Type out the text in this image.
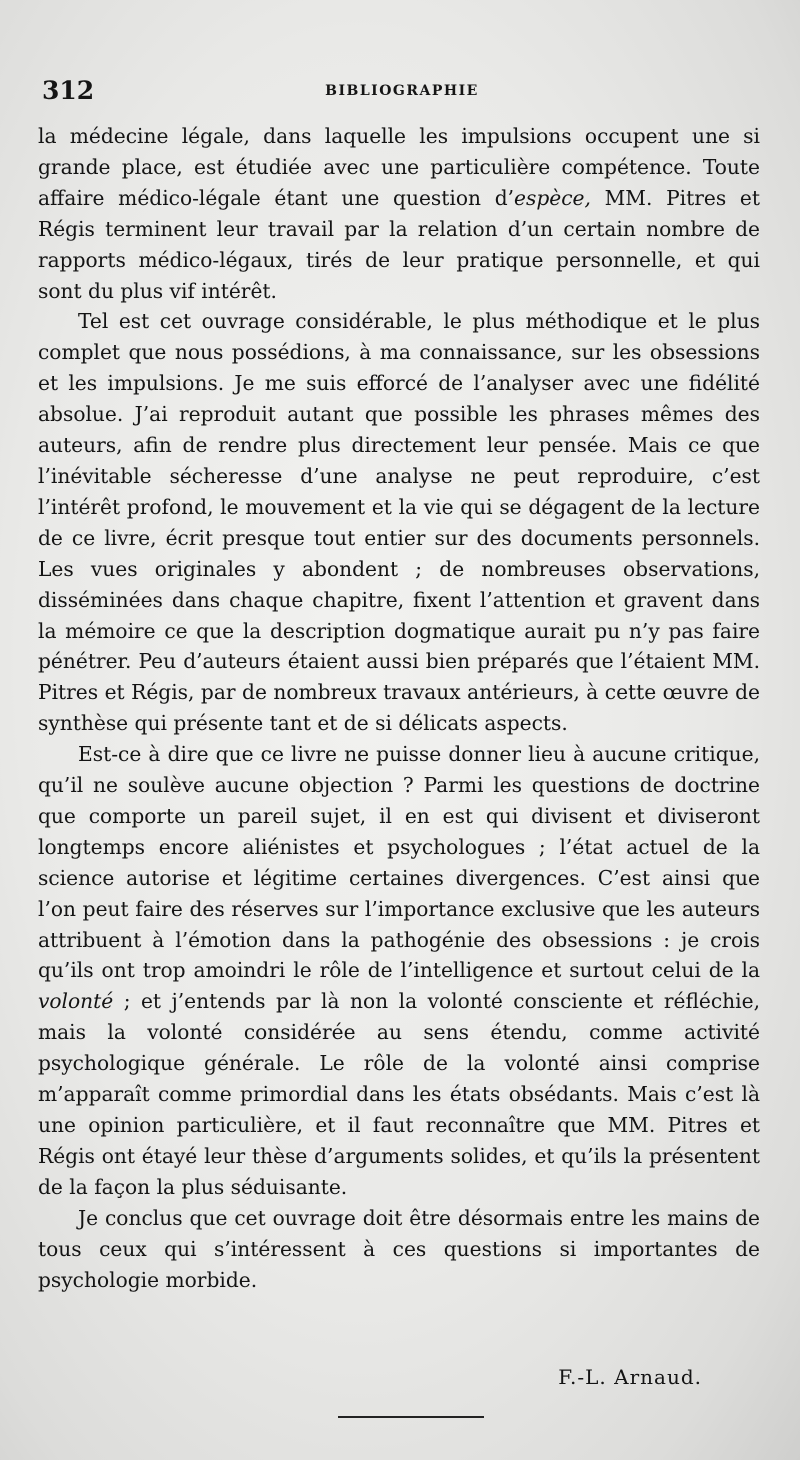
312	BIBLIOGRAPHIE

la médecine légale, dans laquelle les impulsions occupent une si grande place, est étudiée avec une particulière compétence. Toute affaire médico-légale étant une question d’espèce, MM. Pitres et Régis terminent leur travail par la relation d’un certain nombre de rapports médico-légaux, tirés de leur pratique personnelle, et qui sont du plus vif intérêt.

Tel est cet ouvrage considérable, le plus méthodique et le plus complet que nous possédions, à ma connaissance, sur les obsessions et les impulsions. Je me suis efforcé de l’analyser avec une fidélité absolue. J’ai reproduit autant que possible les phrases mêmes des auteurs, afin de rendre plus directement leur pensée. Mais ce que l’inévitable sécheresse d’une analyse ne peut reproduire, c’est l’intérêt profond, le mouvement et la vie qui se dégagent de la lecture de ce livre, écrit presque tout entier sur des documents personnels. Les vues originales y abondent ; de nombreuses observations, disséminées dans chaque chapitre, fixent l’attention et gravent dans la mémoire ce que la description dogmatique aurait pu n’y pas faire pénétrer. Peu d’auteurs étaient aussi bien préparés que l’étaient MM. Pitres et Régis, par de nombreux travaux antérieurs, à cette œuvre de synthèse qui présente tant et de si délicats aspects.

Est-ce à dire que ce livre ne puisse donner lieu à aucune critique, qu’il ne soulève aucune objection ? Parmi les questions de doctrine que comporte un pareil sujet, il en est qui divisent et diviseront longtemps encore aliénistes et psychologues ; l’état actuel de la science autorise et légitime certaines divergences. C’est ainsi que l’on peut faire des réserves sur l’importance exclusive que les auteurs attribuent à l’émotion dans la pathogénie des obsessions : je crois qu’ils ont trop amoindri le rôle de l’intelligence et surtout celui de la volonté ; et j’entends par là non la volonté consciente et réfléchie, mais la volonté considérée au sens étendu, comme activité psychologique générale. Le rôle de la volonté ainsi comprise m’apparaît comme primordial dans les états obsédants. Mais c’est là une opinion particulière, et il faut reconnaître que MM. Pitres et Régis ont étayé leur thèse d’arguments solides, et qu’ils la présentent de la façon la plus séduisante.

Je conclus que cet ouvrage doit être désormais entre les mains de tous ceux qui s’intéressent à ces questions si importantes de psychologie morbide.

F.-L. Arnaud.
